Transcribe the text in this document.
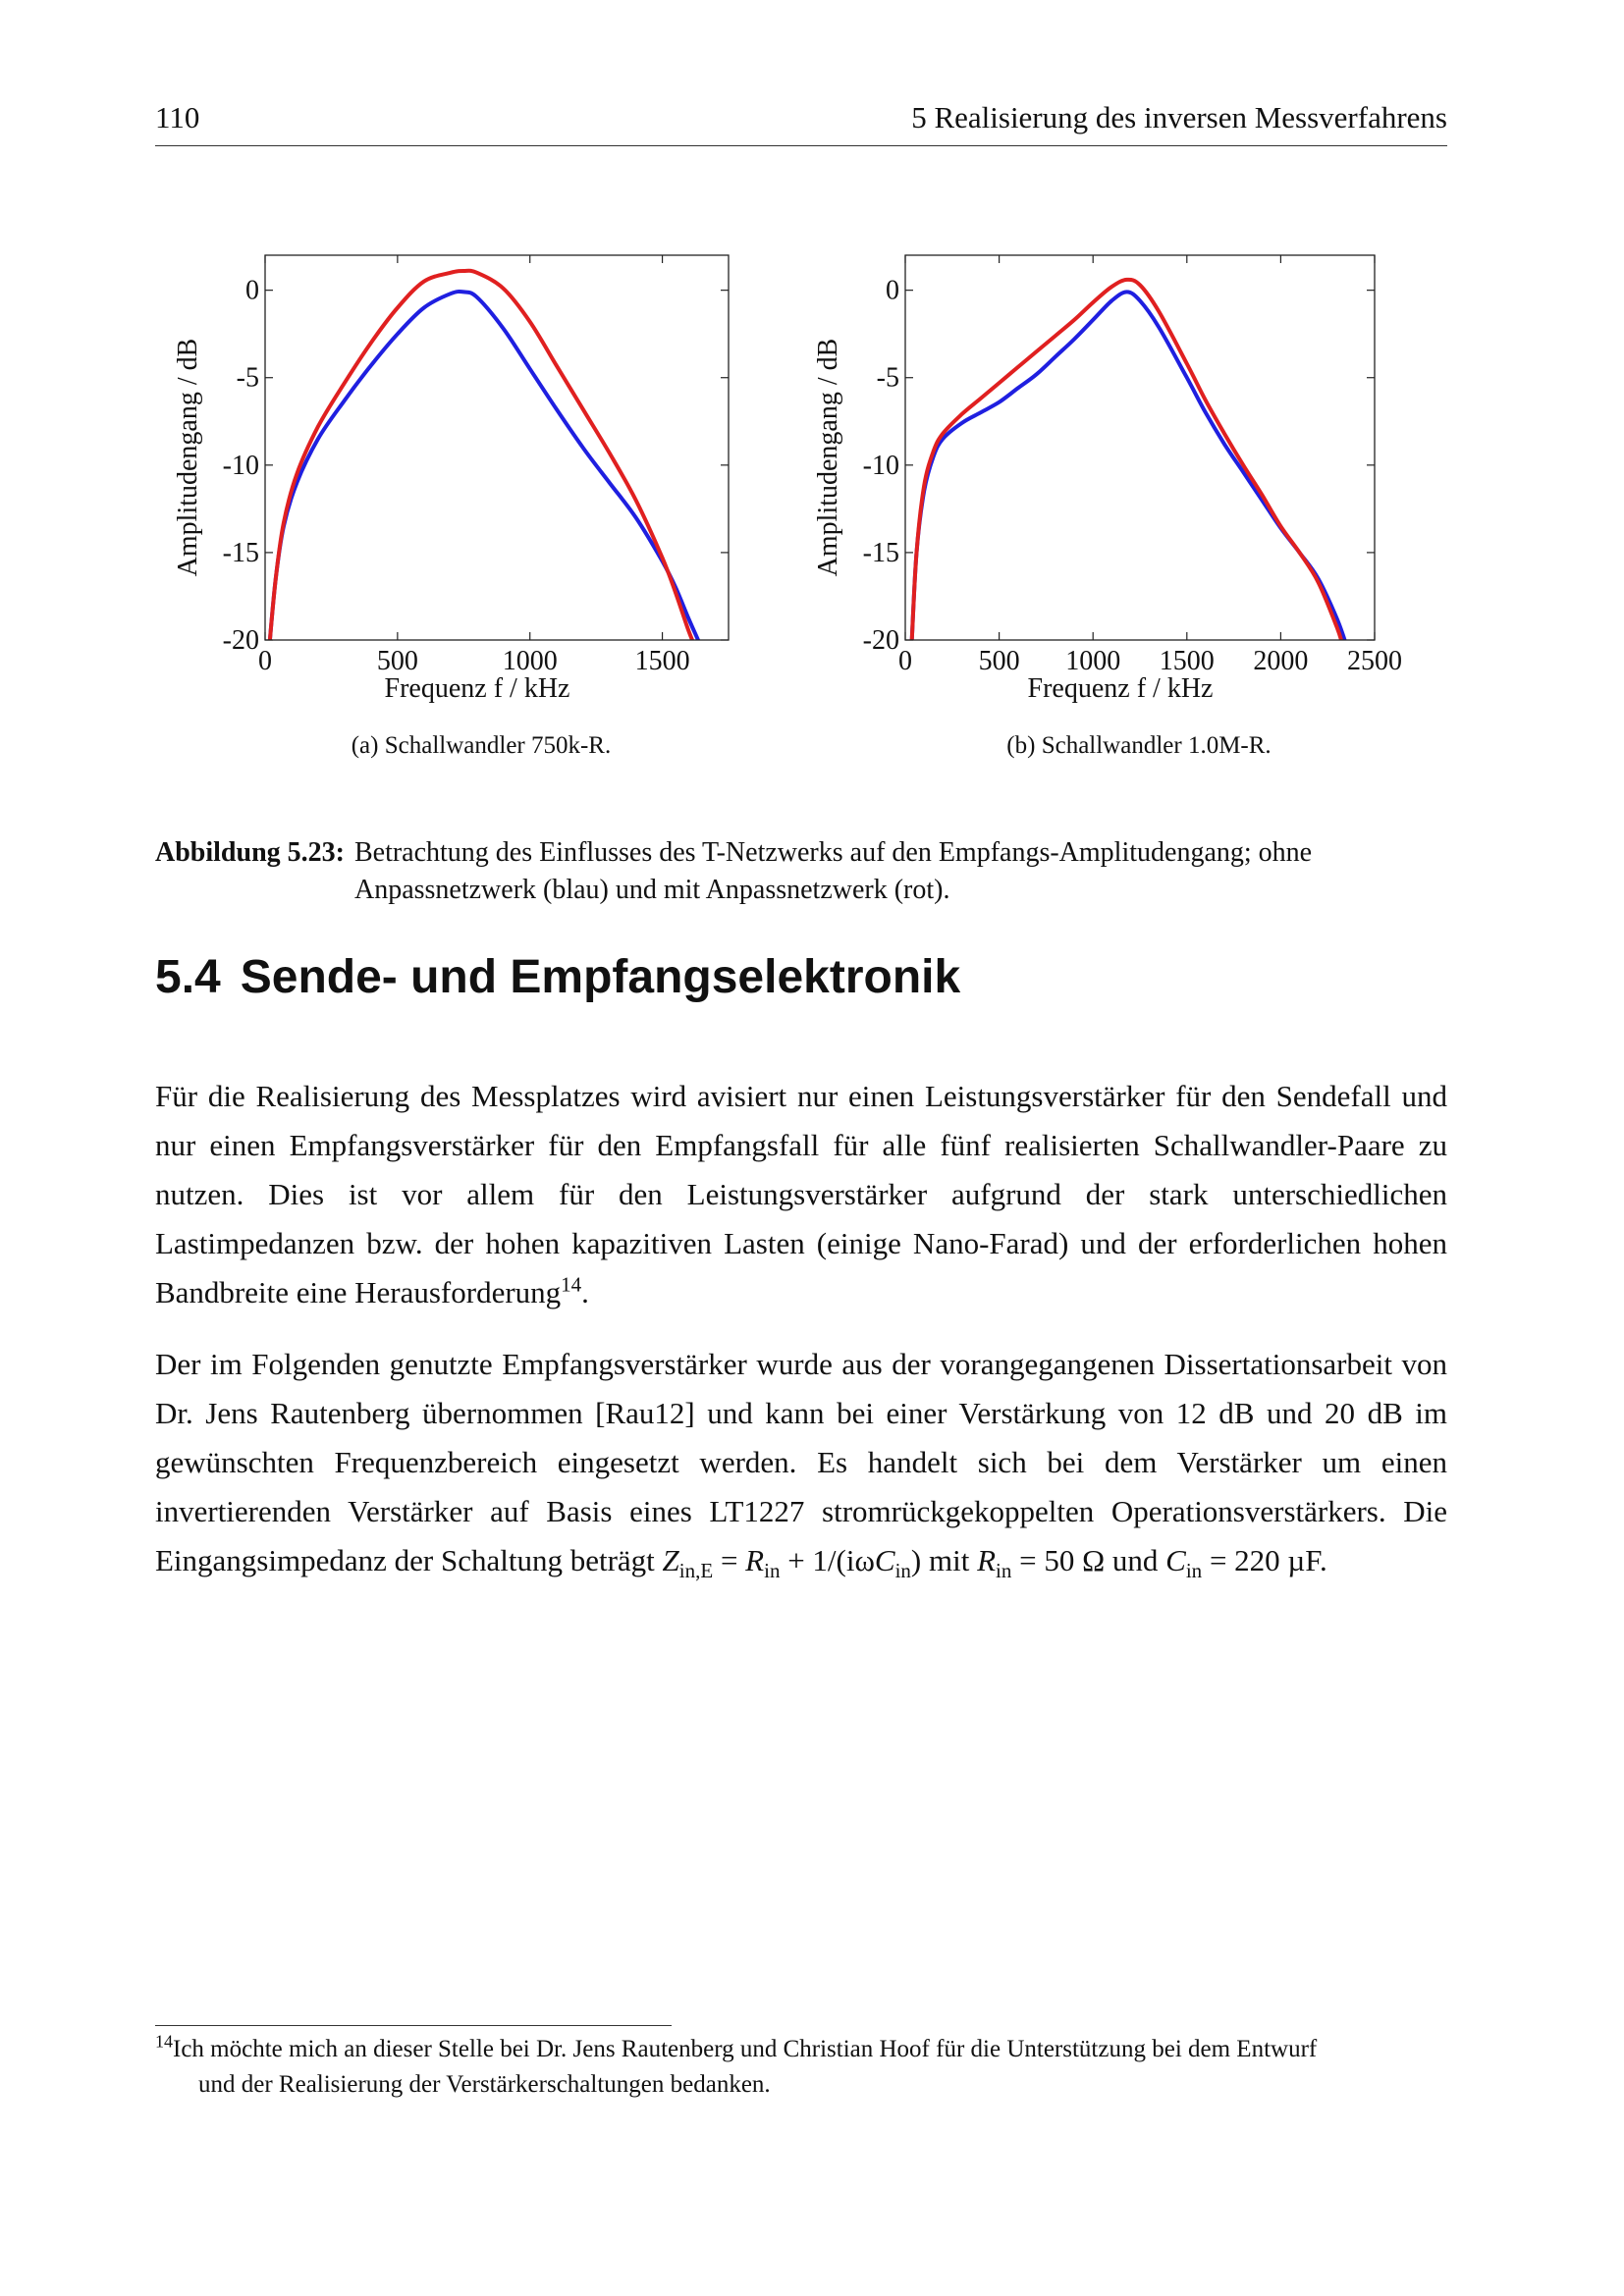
110	5 Realisierung des inversen Messverfahrens
0
-5
-10
-15
-20
0	500	1000	1500
Frequenz f / kHz
Amplitudengang / dB
0
-5
-10
-15
-20
0 500 1000 1500 2000 2500
Frequenz f / kHz
Amplitudengang / dB
(a) Schallwandler 750k-R.	(b) Schallwandler 1.0M-R.
Abbildung 5.23: Betrachtung des Einflusses des T-Netzwerks auf den Empfangs-Amplitudengang; ohne
Anpassnetzwerk (blau) und mit Anpassnetzwerk (rot).
5.4 Sende- und Empfangselektronik

Für die Realisierung des Messplatzes wird avisiert nur einen Leistungsverstärker für den Sendefall und nur einen Empfangsverstärker für den Empfangsfall für alle fünf realisierten Schallwandler-Paare zu nutzen. Dies ist vor allem für den Leistungsverstärker aufgrund der stark unterschiedlichen Lastimpedanzen bzw. der hohen kapazitiven Lasten (einige Nano-Farad) und der erforderlichen hohen Bandbreite eine Herausforderung$^{14}$.

Der im Folgenden genutzte Empfangsverstärker wurde aus der vorangegangenen Dissertationsarbeit von Dr. Jens Rautenberg übernommen [Rau12] und kann bei einer Verstärkung von 12 dB und 20 dB im gewünschten Frequenzbereich eingesetzt werden. Es handelt sich bei dem Verstärker um einen invertierenden Verstärker auf Basis eines LT1227 stromrückgekoppelten Operationsverstärkers. Die Eingangsimpedanz der Schaltung beträgt $Z_{in,E} = R_{in} + 1/(i\omega C_{in})$ mit $R_{in} = 50$ Ω und $C_{in} = 220$ µF.

$^{14}$Ich möchte mich an dieser Stelle bei Dr. Jens Rautenberg und Christian Hoof für die Unterstützung bei dem Entwurf
und der Realisierung der Verstärkerschaltungen bedanken.
